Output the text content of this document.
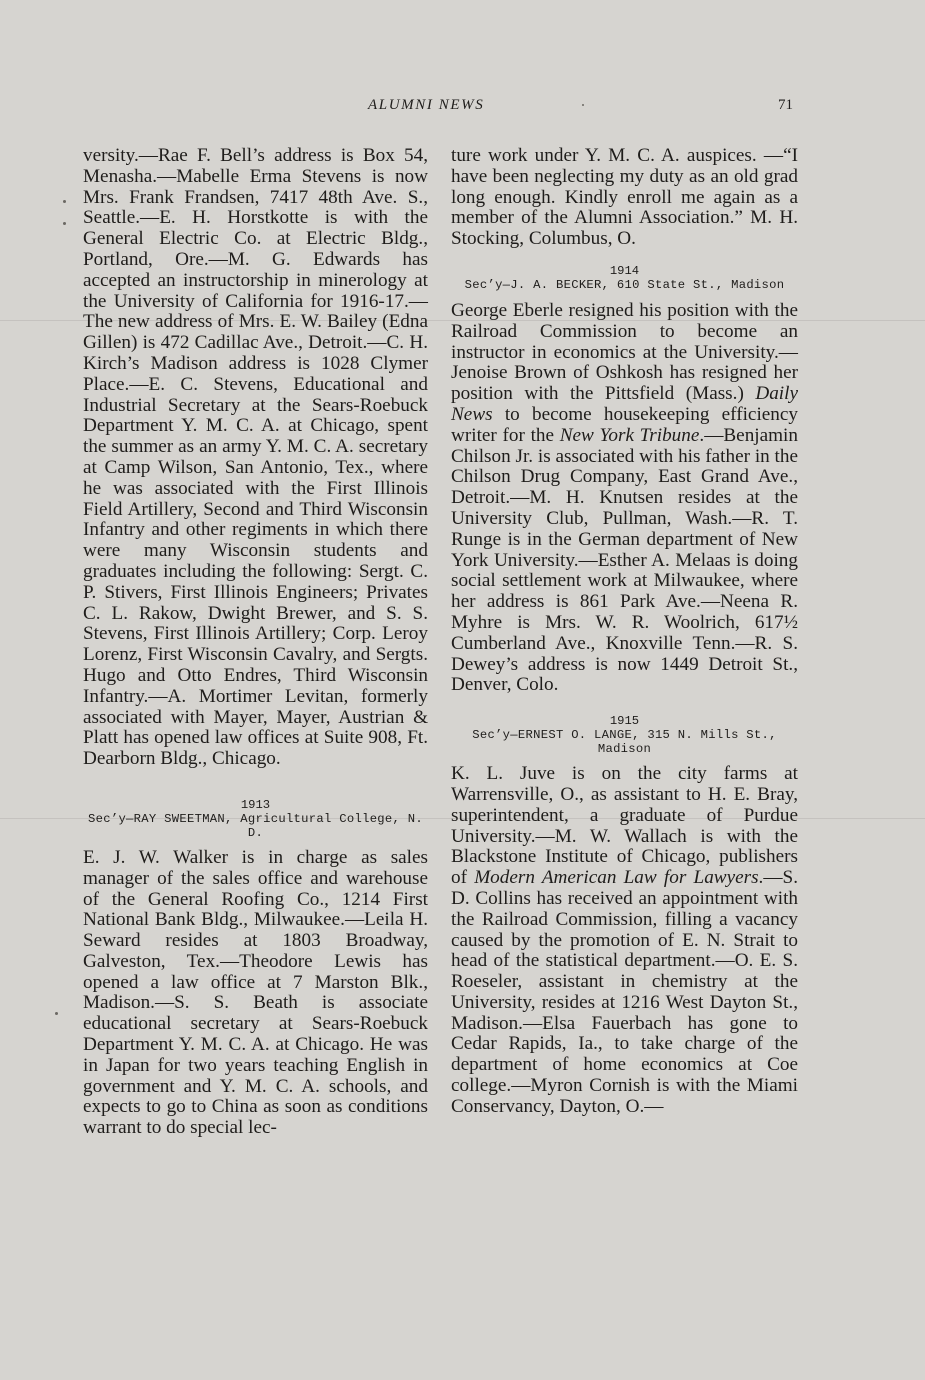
ALUMNI NEWS	71

versity.—Rae F. Bell’s address is Box 54, Menasha.—Mabelle Erma Stevens is now Mrs. Frank Frandsen, 7417 48th Ave. S., Seattle.—E. H. Horstkotte is with the General Electric Co. at Electric Bldg., Portland, Ore.—M. G. Edwards has accepted an instructorship in minerology at the University of California for 1916-17.—The new address of Mrs. E. W. Bailey (Edna Gillen) is 472 Cadillac Ave., Detroit.—C. H. Kirch’s Madison address is 1028 Clymer Place.—E. C. Stevens, Educational and Industrial Secretary at the Sears-Roebuck Department Y. M. C. A. at Chicago, spent the summer as an army Y. M. C. A. secretary at Camp Wilson, San Antonio, Tex., where he was associated with the First Illinois Field Artillery, Second and Third Wisconsin Infantry and other regiments in which there were many Wisconsin students and graduates including the following: Sergt. C. P. Stivers, First Illinois Engineers; Privates C. L. Rakow, Dwight Brewer, and S. S. Stevens, First Illinois Artillery; Corp. Leroy Lorenz, First Wisconsin Cavalry, and Sergts. Hugo and Otto Endres, Third Wisconsin Infantry.—A. Mortimer Levitan, formerly associated with Mayer, Mayer, Austrian & Platt has opened law offices at Suite 908, Ft. Dearborn Bldg., Chicago.

1913

Sec’y—RAY SWEETMAN, Agricultural College, N. D.

E. J. W. Walker is in charge as sales manager of the sales office and warehouse of the General Roofing Co., 1214 First National Bank Bldg., Milwaukee.—Leila H. Seward resides at 1803 Broadway, Galveston, Tex.—Theodore Lewis has opened a law office at 7 Marston Blk., Madison.—S. S. Beath is associate educational secretary at Sears-Roebuck Department Y. M. C. A. at Chicago. He was in Japan for two years teaching English in government and Y. M. C. A. schools, and expects to go to China as soon as conditions warrant to do special lec-

ture work under Y. M. C. A. auspices. —“I have been neglecting my duty as an old grad long enough. Kindly enroll me again as a member of the Alumni Association.” M. H. Stocking, Columbus, O.

1914

Sec’y—J. A. BECKER, 610 State St., Madison

George Eberle resigned his position with the Railroad Commission to become an instructor in economics at the University.—Jenoise Brown of Oshkosh has resigned her position with the Pittsfield (Mass.) Daily News to become housekeeping efficiency writer for the New York Tribune.—Benjamin Chilson Jr. is associated with his father in the Chilson Drug Company, East Grand Ave., Detroit.—M. H. Knutsen resides at the University Club, Pullman, Wash.—R. T. Runge is in the German department of New York University.—Esther A. Melaas is doing social settlement work at Milwaukee, where her address is 861 Park Ave.—Neena R. Myhre is Mrs. W. R. Woolrich, 617½ Cumberland Ave., Knoxville Tenn.—R. S. Dewey’s address is now 1449 Detroit St., Denver, Colo.

1915

Sec’y—ERNEST O. LANGE, 315 N. Mills St., Madison

K. L. Juve is on the city farms at Warrensville, O., as assistant to H. E. Bray, superintendent, a graduate of Purdue University.—M. W. Wallach is with the Blackstone Institute of Chicago, publishers of Modern American Law for Lawyers.—S. D. Collins has received an appointment with the Railroad Commission, filling a vacancy caused by the promotion of E. N. Strait to head of the statistical department.—O. E. S. Roeseler, assistant in chemistry at the University, resides at 1216 West Dayton St., Madison.—Elsa Fauerbach has gone to Cedar Rapids, Ia., to take charge of the department of home economics at Coe college.—Myron Cornish is with the Miami Conservancy, Dayton, O.—
